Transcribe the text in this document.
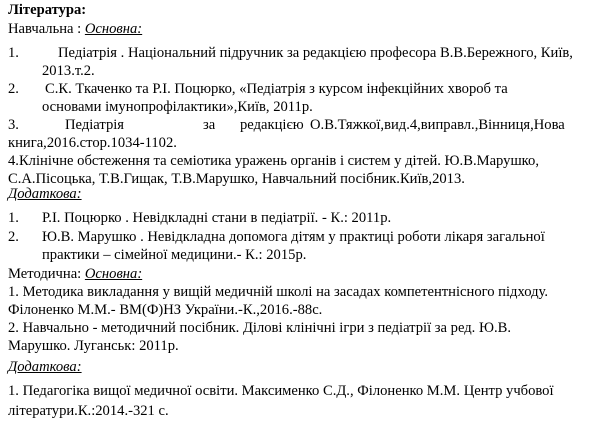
Література:
Навчальна : Основна:
1.	Педіатрія . Національний підручник за редакцією професора В.В.Бережного, Київ,
2013.т.2.
2. С.К. Ткаченко та Р.І. Поцюрко, «Педіатрія з курсом інфекційних хвороб та
основами імунопрофілактики»,Київ, 2011р.
3.	Педіатрія	за редакцією О.В.Тяжкої,вид.4,виправл.,Вінниця,Нова
книга,2016.стор.1034-1102.
4.Клінічне обстеження та семіотика уражень органів і систем у дітей. Ю.В.Марушко,
С.А.Пісоцька, Т.В.Гищак, Т.В.Марушко, Навчальний посібник.Київ,2013.
Додаткова:
1. Р.І. Поцюрко . Невідкладні стани в педіатрії. - К.: 2011р.
2. Ю.В. Марушко . Невідкладна допомога дітям у практиці роботи лікаря загальної
практики – сімейної медицини.- К.: 2015р.
Методична: Основна:
1. Методика викладання у вищій медичній школі на засадах компетентнісного підходу.
Філоненко М.М.- ВМ(Ф)НЗ України.-К.,2016.-88с.
2. Навчально - методичний посібник. Ділові клінічні ігри з педіатрії за ред. Ю.В.
Марушко. Луганськ: 2011р.
Додаткова:
1. Педагогіка вищої медичної освіти. Максименко С.Д., Філоненко М.М. Центр учбової
літератури.К.:2014.-321 с.
